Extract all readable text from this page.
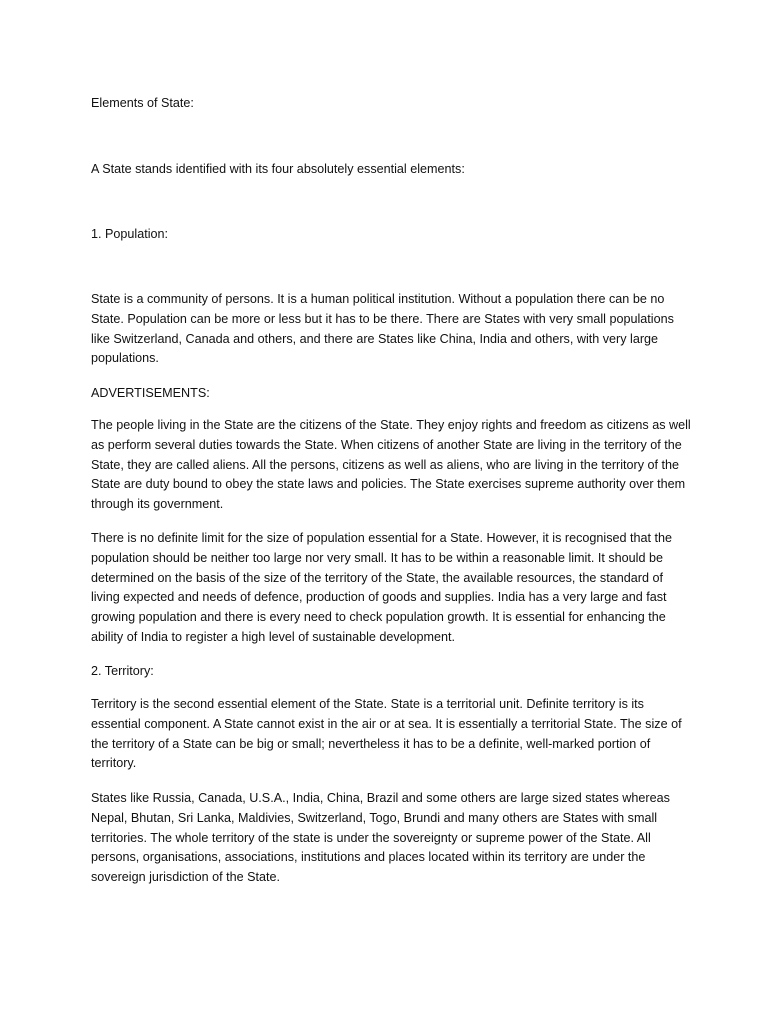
Elements of State:

A State stands identified with its four absolutely essential elements:

1. Population:

State is a community of persons. It is a human political institution. Without a population there can be no State. Population can be more or less but it has to be there. There are States with very small populations like Switzerland, Canada and others, and there are States like China, India and others, with very large populations.

ADVERTISEMENTS:

The people living in the State are the citizens of the State. They enjoy rights and freedom as citizens as well as perform several duties towards the State. When citizens of another State are living in the territory of the State, they are called aliens. All the persons, citizens as well as aliens, who are living in the territory of the State are duty bound to obey the state laws and policies. The State exercises supreme authority over them through its government.

There is no definite limit for the size of population essential for a State. However, it is recognised that the population should be neither too large nor very small. It has to be within a reasonable limit. It should be determined on the basis of the size of the territory of the State, the available resources, the standard of living expected and needs of defence, production of goods and supplies. India has a very large and fast growing population and there is every need to check population growth. It is essential for enhancing the ability of India to register a high level of sustainable development.

2. Territory:

Territory is the second essential element of the State. State is a territorial unit. Definite territory is its essential component. A State cannot exist in the air or at sea. It is essentially a territorial State. The size of the territory of a State can be big or small; nevertheless it has to be a definite, well-marked portion of territory.

States like Russia, Canada, U.S.A., India, China, Brazil and some others are large sized states whereas Nepal, Bhutan, Sri Lanka, Maldivies, Switzerland, Togo, Brundi and many others are States with small territories. The whole territory of the state is under the sovereignty or supreme power of the State. All persons, organisations, associations, institutions and places located within its territory are under the sovereign jurisdiction of the State.
